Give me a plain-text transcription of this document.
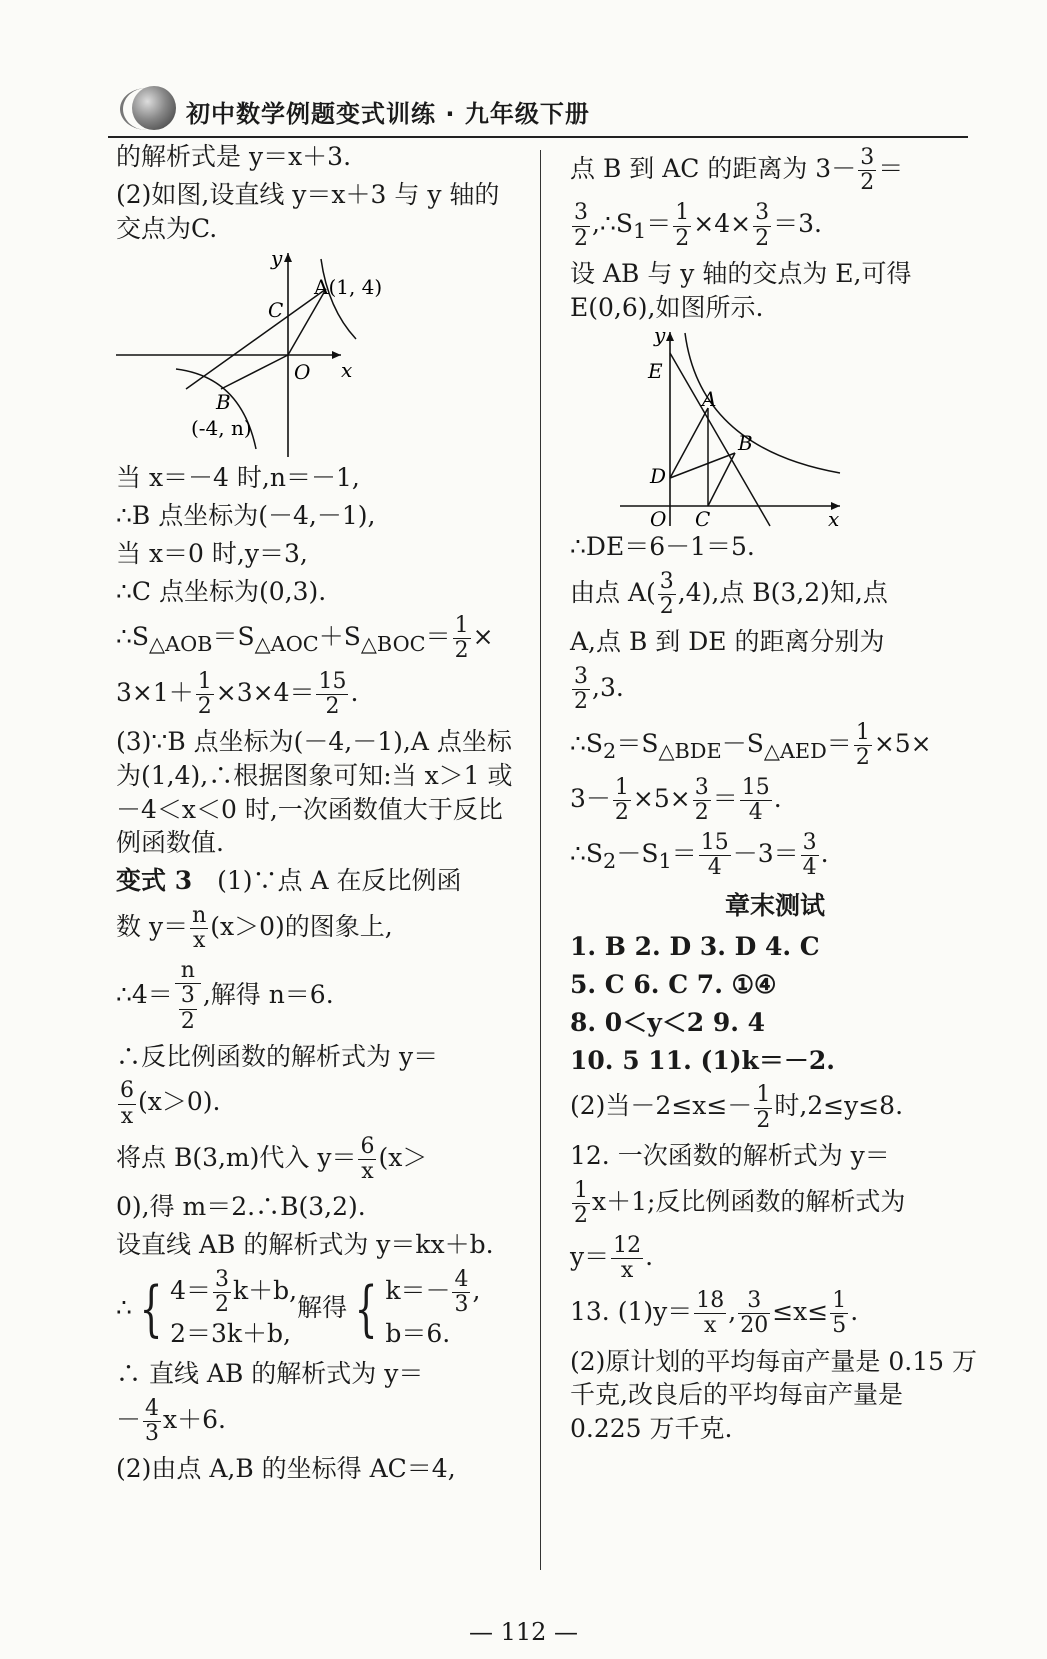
初中数学例题变式训练 · 九年级下册
的解析式是 y＝x＋3.
(2)如图,设直线 y＝x＋3 与 y 轴的交点为C.
y
x
O
C
A(1, 4)
B
(-4, n)
当 x＝－4 时,n＝－1,
∴B 点坐标为(－4,－1),
当 x＝0 时,y＝3,
∴C 点坐标为(0,3).
$\therefore S_{\triangle AOB}=S_{\triangle AOC}+S_{\triangle BOC}= \frac{1}{2}$ ×
$3\times 1+ \frac{1}{2} \times 3\times 4= \frac{15}{2}$ .
(3)∵B 点坐标为(－4,－1),A 点坐标为(1,4),∴根据图象可知:当 x＞1 或－4＜x＜0 时,一次函数值大于反比例函数值.
变式 3　 (1)∵点 A 在反比例函
数 $y= \frac{n}{x} (x>0)$的图象上,
∴4＝ $\frac{n}{\frac{3}{2}}$ ,解得 n＝6.
∴反比例函数的解析式为 y＝
$\frac{6}{x} (x>0)$.
将点 B(3,m)代入 $y= \frac{6}{x} (x>$
0),得 m＝2.∴B(3,2).
设直线 AB 的解析式为 y＝kx＋b.
∴ { $4= \frac{3}{2} k+b$,
2＝3k＋b,
解得 { $k=- \frac{4}{3}$ ,
b＝6.
∴ 直线 AB 的解析式为 y＝
－ $\frac{4}{3} x+6$.
(2)由点 A,B 的坐标得 AC＝4,
点 B 到 AC 的距离为 $3- \frac{3}{2}$ ＝
$\frac{3}{2}$ $,\therefore S_1= \frac{1}{2} \times 4\times \frac{3}{2} =3$.
设 AB 与 y 轴的交点为 E,可得 E(0,6),如图所示.
y
x
O
E
A
B
D
C
∴DE＝6－1＝5.
由点 $A( \frac{3}{2} ,4)$,点 B(3,2)知,点
A,点 B 到 DE 的距离分别为
$\frac{3}{2} ,3$.
$\therefore S_2=S_{\triangle BDE}-S_{\triangle AED}= \frac{1}{2} \times 5\times$
$3- \frac{1}{2} \times 5\times \frac{3}{2} = \frac{15}{4}$ .
$\therefore S_2-S_1= \frac{15}{4} -3= \frac{3}{4}$ .
章末测试
1. B 2. D 3. D 4. C
5. C 6. C 7. ①④
8. 0＜y＜2 9. 4
10. 5 11. (1)k＝－2.
(2)当$-2\le x\le- \frac{1}{2}$ 时,2≤y≤8.
12. 一次函数的解析式为 y＝
$\frac{1}{2} x+1$;反比例函数的解析式为
$y= \frac{12}{x}$ .
13. $(1)y= \frac{18}{x}$ , $\frac{3}{20} \le x\le \frac{1}{5}$ .
(2)原计划的平均每亩产量是 0.15 万千克,改良后的平均每亩产量是 0.225 万千克.
— 112 —
